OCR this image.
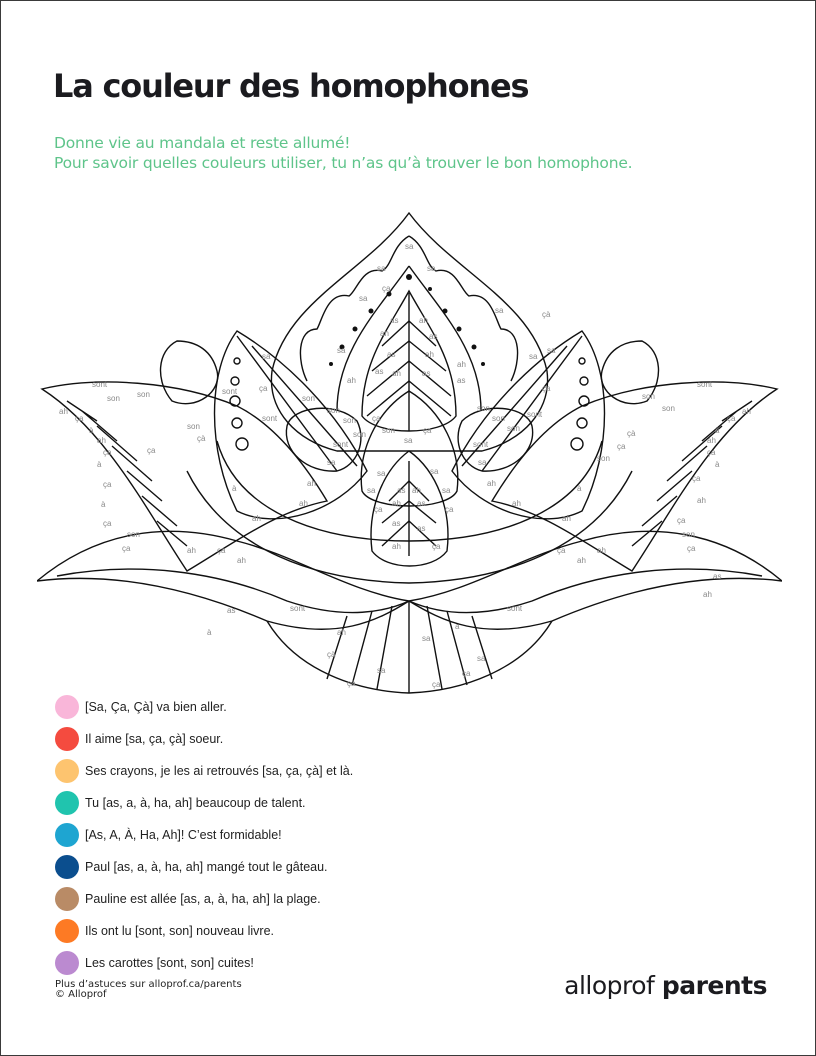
La couleur des homophones
Donne vie au mandala et reste allumé!
Pour savoir quelles couleurs utiliser, tu n’as qu’à trouver le bon homophone.
sa
sa	sa
ça
sa
sa	çà
sa	sa
as	ah
ah	as
as	ah
as ah	as
ah
as
ah
sa
ça
sont
sa
ça
sont
sont
son son
ah
ça
à
ah
ça
à
ça
à
ça
son
ça
çà
sont
sont
son
son	ah
ça
à
ah
ça
à
ça
ah
ça
son
çà
ça
son
son
son
son
son
son
sont
sa
sont
sa
ça
son	ça
son
sa
sa	sa
sa	sa
ça	ça
as ah
ah as
as
as
ah	ça
ah	ah
ah	ah
à	à
ah	ah
son	son
ça	ça
ah	ça	ah
ça
ah	ah
as
as
sont	sont
à	ah
ah
a
çà
çà
sa
ça
sa
ça
sa
[Sa, Ça, Çà] va bien aller.
Il aime [sa, ça, çà] soeur.
Ses crayons, je les ai retrouvés [sa, ça, çà] et là.
Tu [as, a, à, ha, ah] beaucoup de talent.
[As, A, À, Ha, Ah]! C’est formidable!
Paul [as, a, à, ha, ah] mangé tout le gâteau.
Pauline est allée [as, a, à, ha, ah] la plage.
Ils ont lu [sont, son] nouveau livre.
Les carottes [sont, son] cuites!
Plus d’astuces sur alloprof.ca/parents
© Alloprof	alloprof parents
